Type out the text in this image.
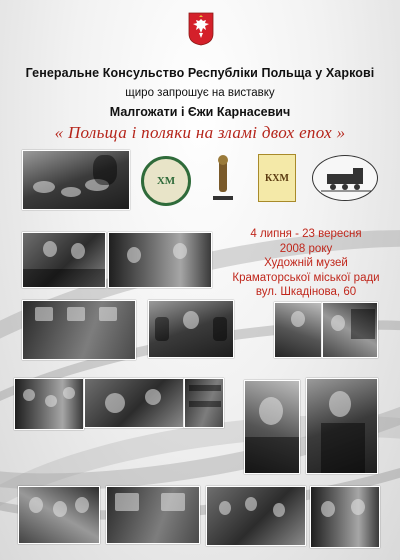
Генеральне Консульство Республіки Польща у Харкові
щиро запрошує на виставку
Малгожати і Єжи Карнасевич
« Польща і поляки на зламі двох епох »
ХМ	КХМ
4 липня - 23 вересня
2008 року
Художній музей
Краматорської міської ради
вул. Шкадінова, 60
